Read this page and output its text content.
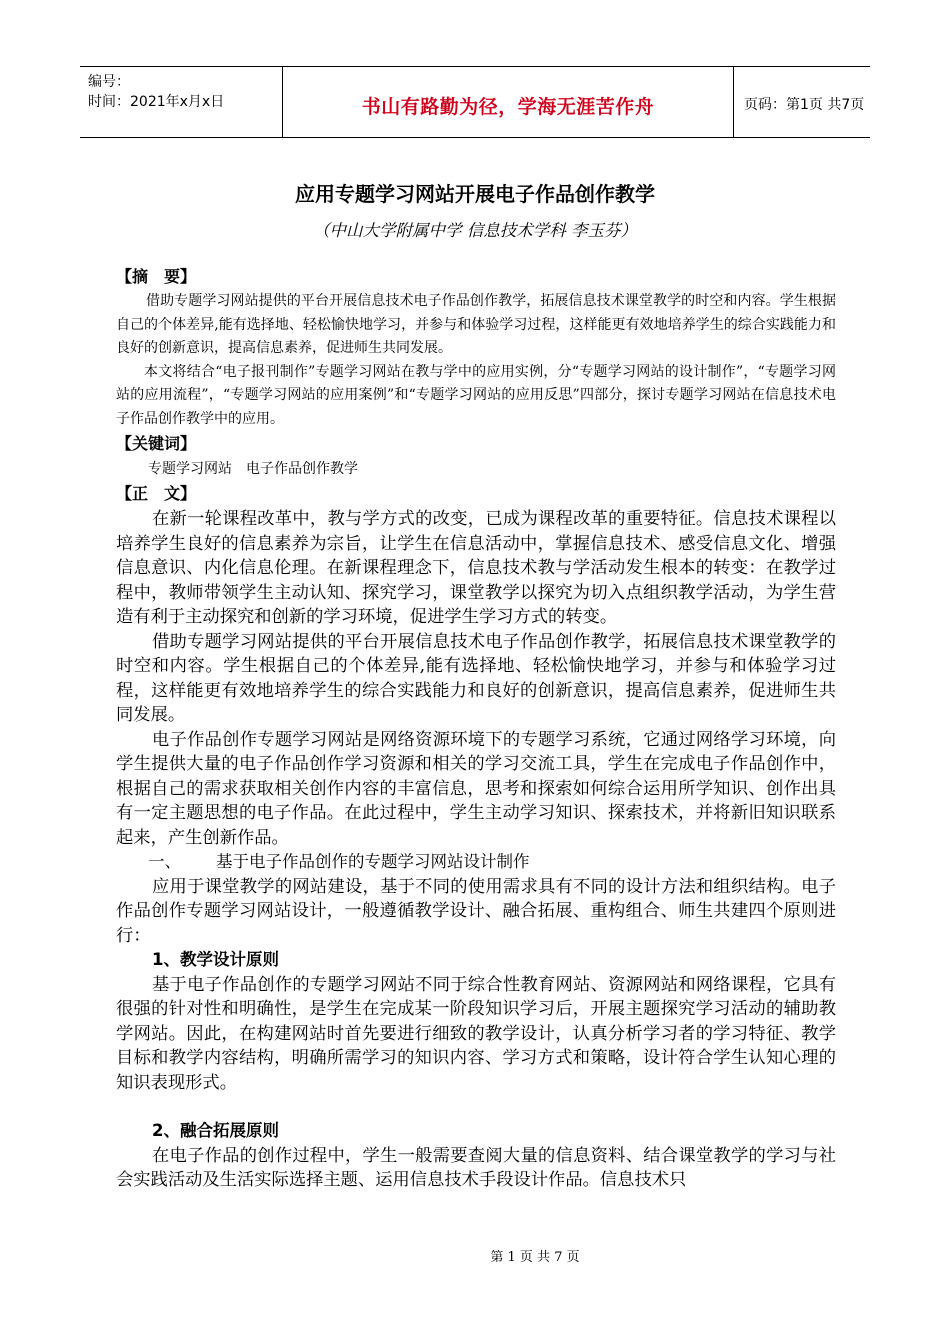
编号：
时间：2021年x月x日	书山有路勤为径，学海无涯苦作舟	页码：第1页 共7页
应用专题学习网站开展电子作品创作教学
（中山大学附属中学 信息技术学科 李玉芬）
【摘　要】
借助专题学习网站提供的平台开展信息技术电子作品创作教学，拓展信息技术课堂教学的时空和内容。学生根据自己的个体差异,能有选择地、轻松愉快地学习，并参与和体验学习过程，这样能更有效地培养学生的综合实践能力和良好的创新意识，提高信息素养，促进师生共同发展。
本文将结合“电子报刊制作”专题学习网站在教与学中的应用实例，分“专题学习网站的设计制作”，“专题学习网站的应用流程”，“专题学习网站的应用案例”和“专题学习网站的应用反思”四部分，探讨专题学习网站在信息技术电子作品创作教学中的应用。
【关键词】
专题学习网站　电子作品创作教学
【正　文】
在新一轮课程改革中，教与学方式的改变，已成为课程改革的重要特征。信息技术课程以培养学生良好的信息素养为宗旨，让学生在信息活动中，掌握信息技术、感受信息文化、增强信息意识、内化信息伦理。在新课程理念下，信息技术教与学活动发生根本的转变：在教学过程中，教师带领学生主动认知、探究学习，课堂教学以探究为切入点组织教学活动，为学生营造有利于主动探究和创新的学习环境，促进学生学习方式的转变。
借助专题学习网站提供的平台开展信息技术电子作品创作教学，拓展信息技术课堂教学的时空和内容。学生根据自己的个体差异,能有选择地、轻松愉快地学习，并参与和体验学习过程，这样能更有效地培养学生的综合实践能力和良好的创新意识，提高信息素养，促进师生共同发展。
电子作品创作专题学习网站是网络资源环境下的专题学习系统，它通过网络学习环境，向学生提供大量的电子作品创作学习资源和相关的学习交流工具，学生在完成电子作品创作中，根据自己的需求获取相关创作内容的丰富信息，思考和探索如何综合运用所学知识、创作出具有一定主题思想的电子作品。在此过程中，学生主动学习知识、探索技术，并将新旧知识联系起来，产生创新作品。
一、 基于电子作品创作的专题学习网站设计制作
应用于课堂教学的网站建设，基于不同的使用需求具有不同的设计方法和组织结构。电子作品创作专题学习网站设计，一般遵循教学设计、融合拓展、重构组合、师生共建四个原则进行：
1、教学设计原则
基于电子作品创作的专题学习网站不同于综合性教育网站、资源网站和网络课程，它具有很强的针对性和明确性，是学生在完成某一阶段知识学习后，开展主题探究学习活动的辅助教学网站。因此，在构建网站时首先要进行细致的教学设计，认真分析学习者的学习特征、教学目标和教学内容结构，明确所需学习的知识内容、学习方式和策略，设计符合学生认知心理的知识表现形式。
2、融合拓展原则
在电子作品的创作过程中，学生一般需要查阅大量的信息资料、结合课堂教学的学习与社会实践活动及生活实际选择主题、运用信息技术手段设计作品。信息技术只
第 1 页 共 7 页
